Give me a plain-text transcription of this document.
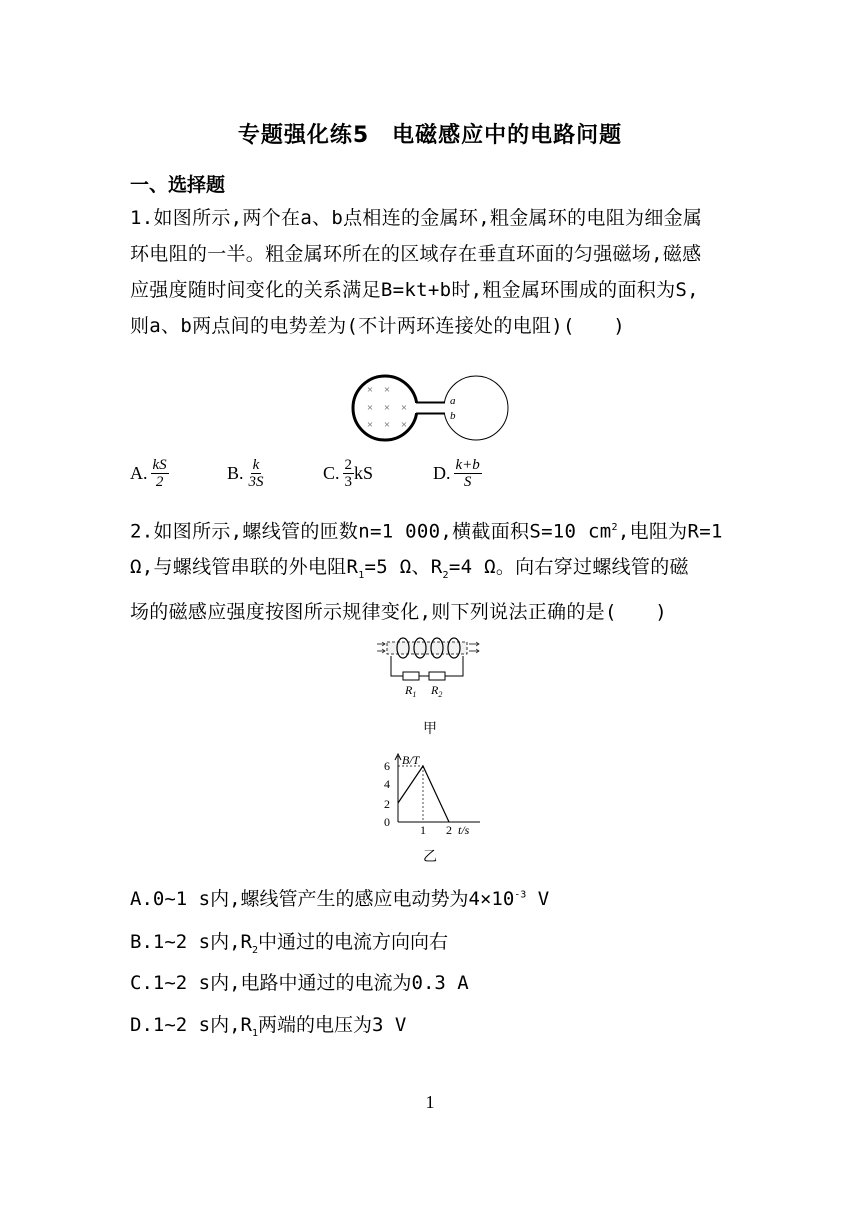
专题强化练5　电磁感应中的电路问题
一、选择题
1.如图所示,两个在a、b点相连的金属环,粗金属环的电阻为细金属
环电阻的一半。粗金属环所在的区域存在垂直环面的匀强磁场,磁感
应强度随时间变化的关系满足B=kt+b时,粗金属环围成的面积为S,
则a、b两点间的电势差为(不计两环连接处的电阻)(　　)
× ×
× × ×
× × ×
a
b
A. $\frac{kS}{2}$	B. $\frac{k}{3S}$	C. $\frac{2}{3}$ kS	D. $\frac{k+b}{S}$
2.如图所示,螺线管的匝数n=1 000,横截面积S=10 $cm^2$,电阻为R=1
Ω,与螺线管串联的外电阻$R_1=5$ Ω、$R_2=4$ Ω。向右穿过螺线管的磁
场的磁感应强度按图所示规律变化,则下列说法正确的是(　　)
$R_1$ $R_2$
甲
6
4
2
0
1 2
B/T
t/s
乙
A.0~1 s内,螺线管产生的感应电动势为$4\times 10^{-3}$ V
B.1~2 s内$,R_2$中通过的电流方向向右
C.1~2 s内,电路中通过的电流为0.3 A
D.1~2 s内$,R_1$两端的电压为3 V
1
